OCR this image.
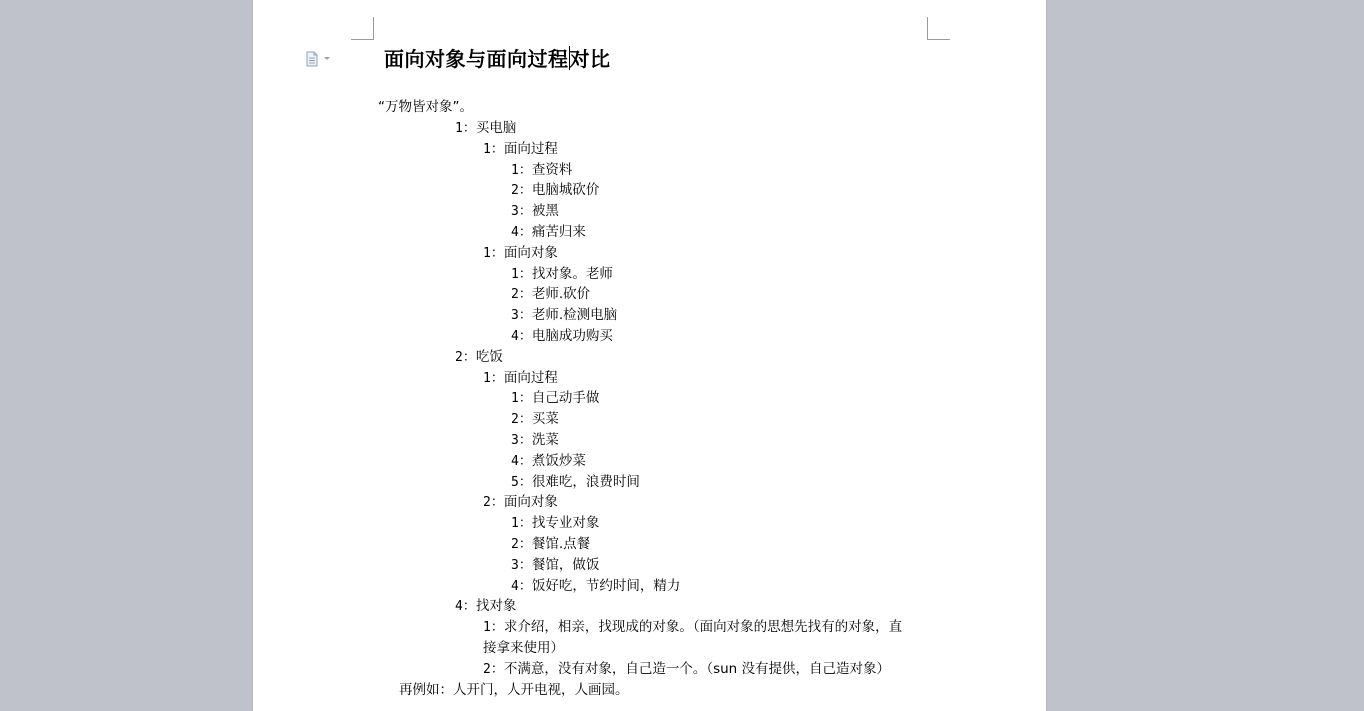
面向对象与面向过程对比
“万物皆对象”。
1：买电脑
1：面向过程
1：查资料
2：电脑城砍价
3：被黑
4：痛苦归来
1：面向对象
1：找对象。老师
2：老师.砍价
3：老师.检测电脑
4：电脑成功购买
2：吃饭
1：面向过程
1：自己动手做
2：买菜
3：洗菜
4：煮饭炒菜
5：很难吃，浪费时间
2：面向对象
1：找专业对象
2：餐馆.点餐
3：餐馆，做饭
4：饭好吃，节约时间，精力
4：找对象
1：求介绍，相亲，找现成的对象。（面向对象的思想先找有的对象，直
接拿来使用）
2：不满意，没有对象，自己造一个。（sun 没有提供，自己造对象）
再例如：人开门，人开电视，人画园。
